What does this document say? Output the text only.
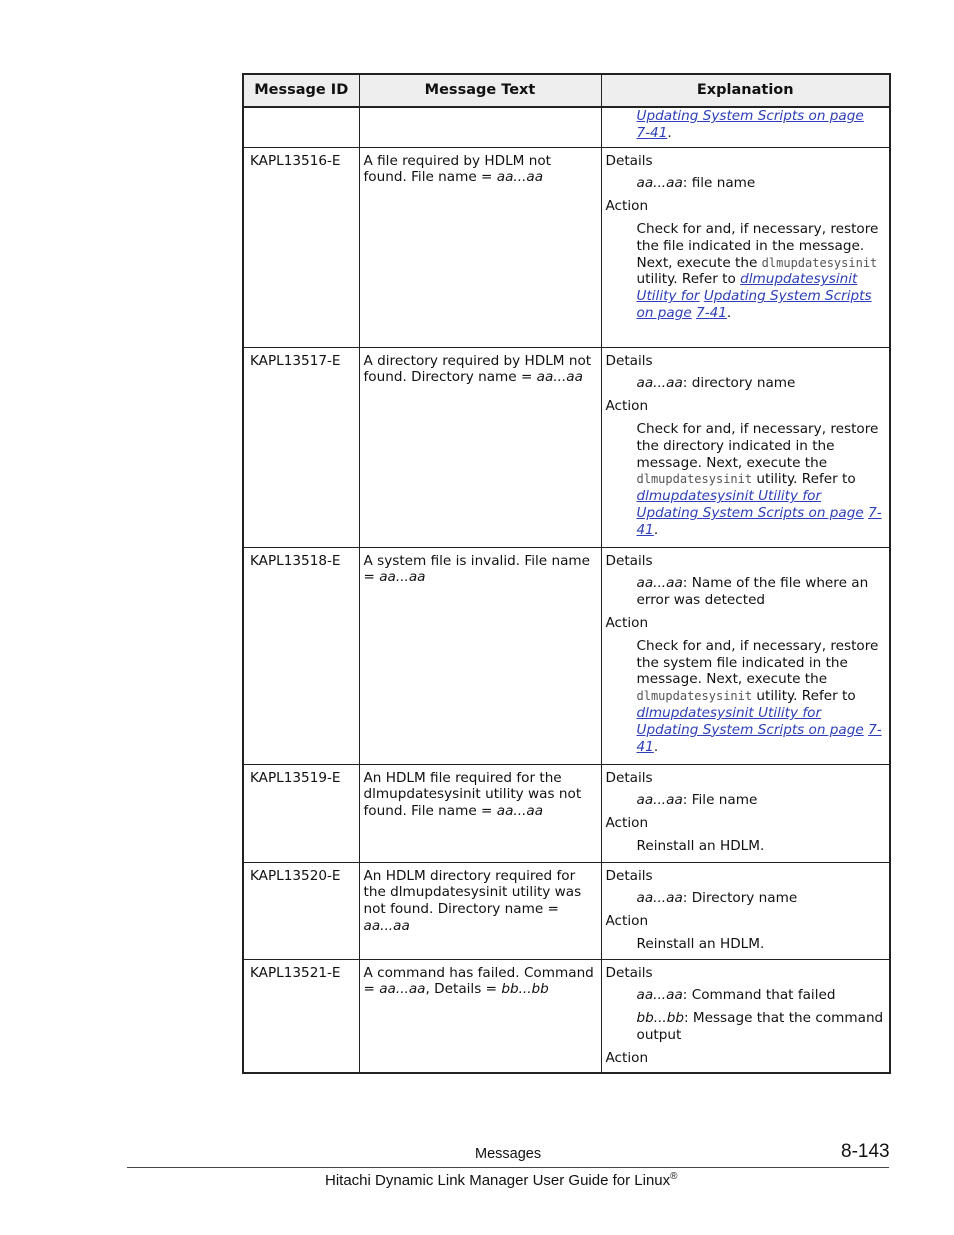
Message ID	Message Text	Explanation

		Updating System Scripts on page
7-41.

KAPL13516-E	A file required by HDLM not found. File name = aa...aa	Details

aa...aa: file name

Action

Check for and, if necessary, restore the file indicated in the message. Next, execute the dlmupdatesysinit utility. Refer to dlmupdatesysinit Utility for Updating System Scripts on page 7-41.

KAPL13517-E	A directory required by HDLM not found. Directory name = aa...aa	Details

aa...aa: directory name

Action

Check for and, if necessary, restore the directory indicated in the message. Next, execute the dlmupdatesysinit utility. Refer to dlmupdatesysinit Utility for Updating System Scripts on page 7-41.

KAPL13518-E	A system file is invalid. File name = aa...aa	Details

aa...aa: Name of the file where an error was detected

Action

Check for and, if necessary, restore the system file indicated in the message. Next, execute the dlmupdatesysinit utility. Refer to dlmupdatesysinit Utility for Updating System Scripts on page 7-41.

KAPL13519-E	An HDLM file required for the dlmupdatesysinit utility was not found. File name = aa...aa	Details

aa...aa: File name

Action

Reinstall an HDLM.

KAPL13520-E	An HDLM directory required for the dlmupdatesysinit utility was not found. Directory name = aa...aa	Details

aa...aa: Directory name

Action

Reinstall an HDLM.

KAPL13521-E	A command has failed. Command = aa...aa, Details = bb...bb	Details

aa...aa: Command that failed

bb...bb: Message that the command output

Action

Messages	8-143
Hitachi Dynamic Link Manager User Guide for Linux®
